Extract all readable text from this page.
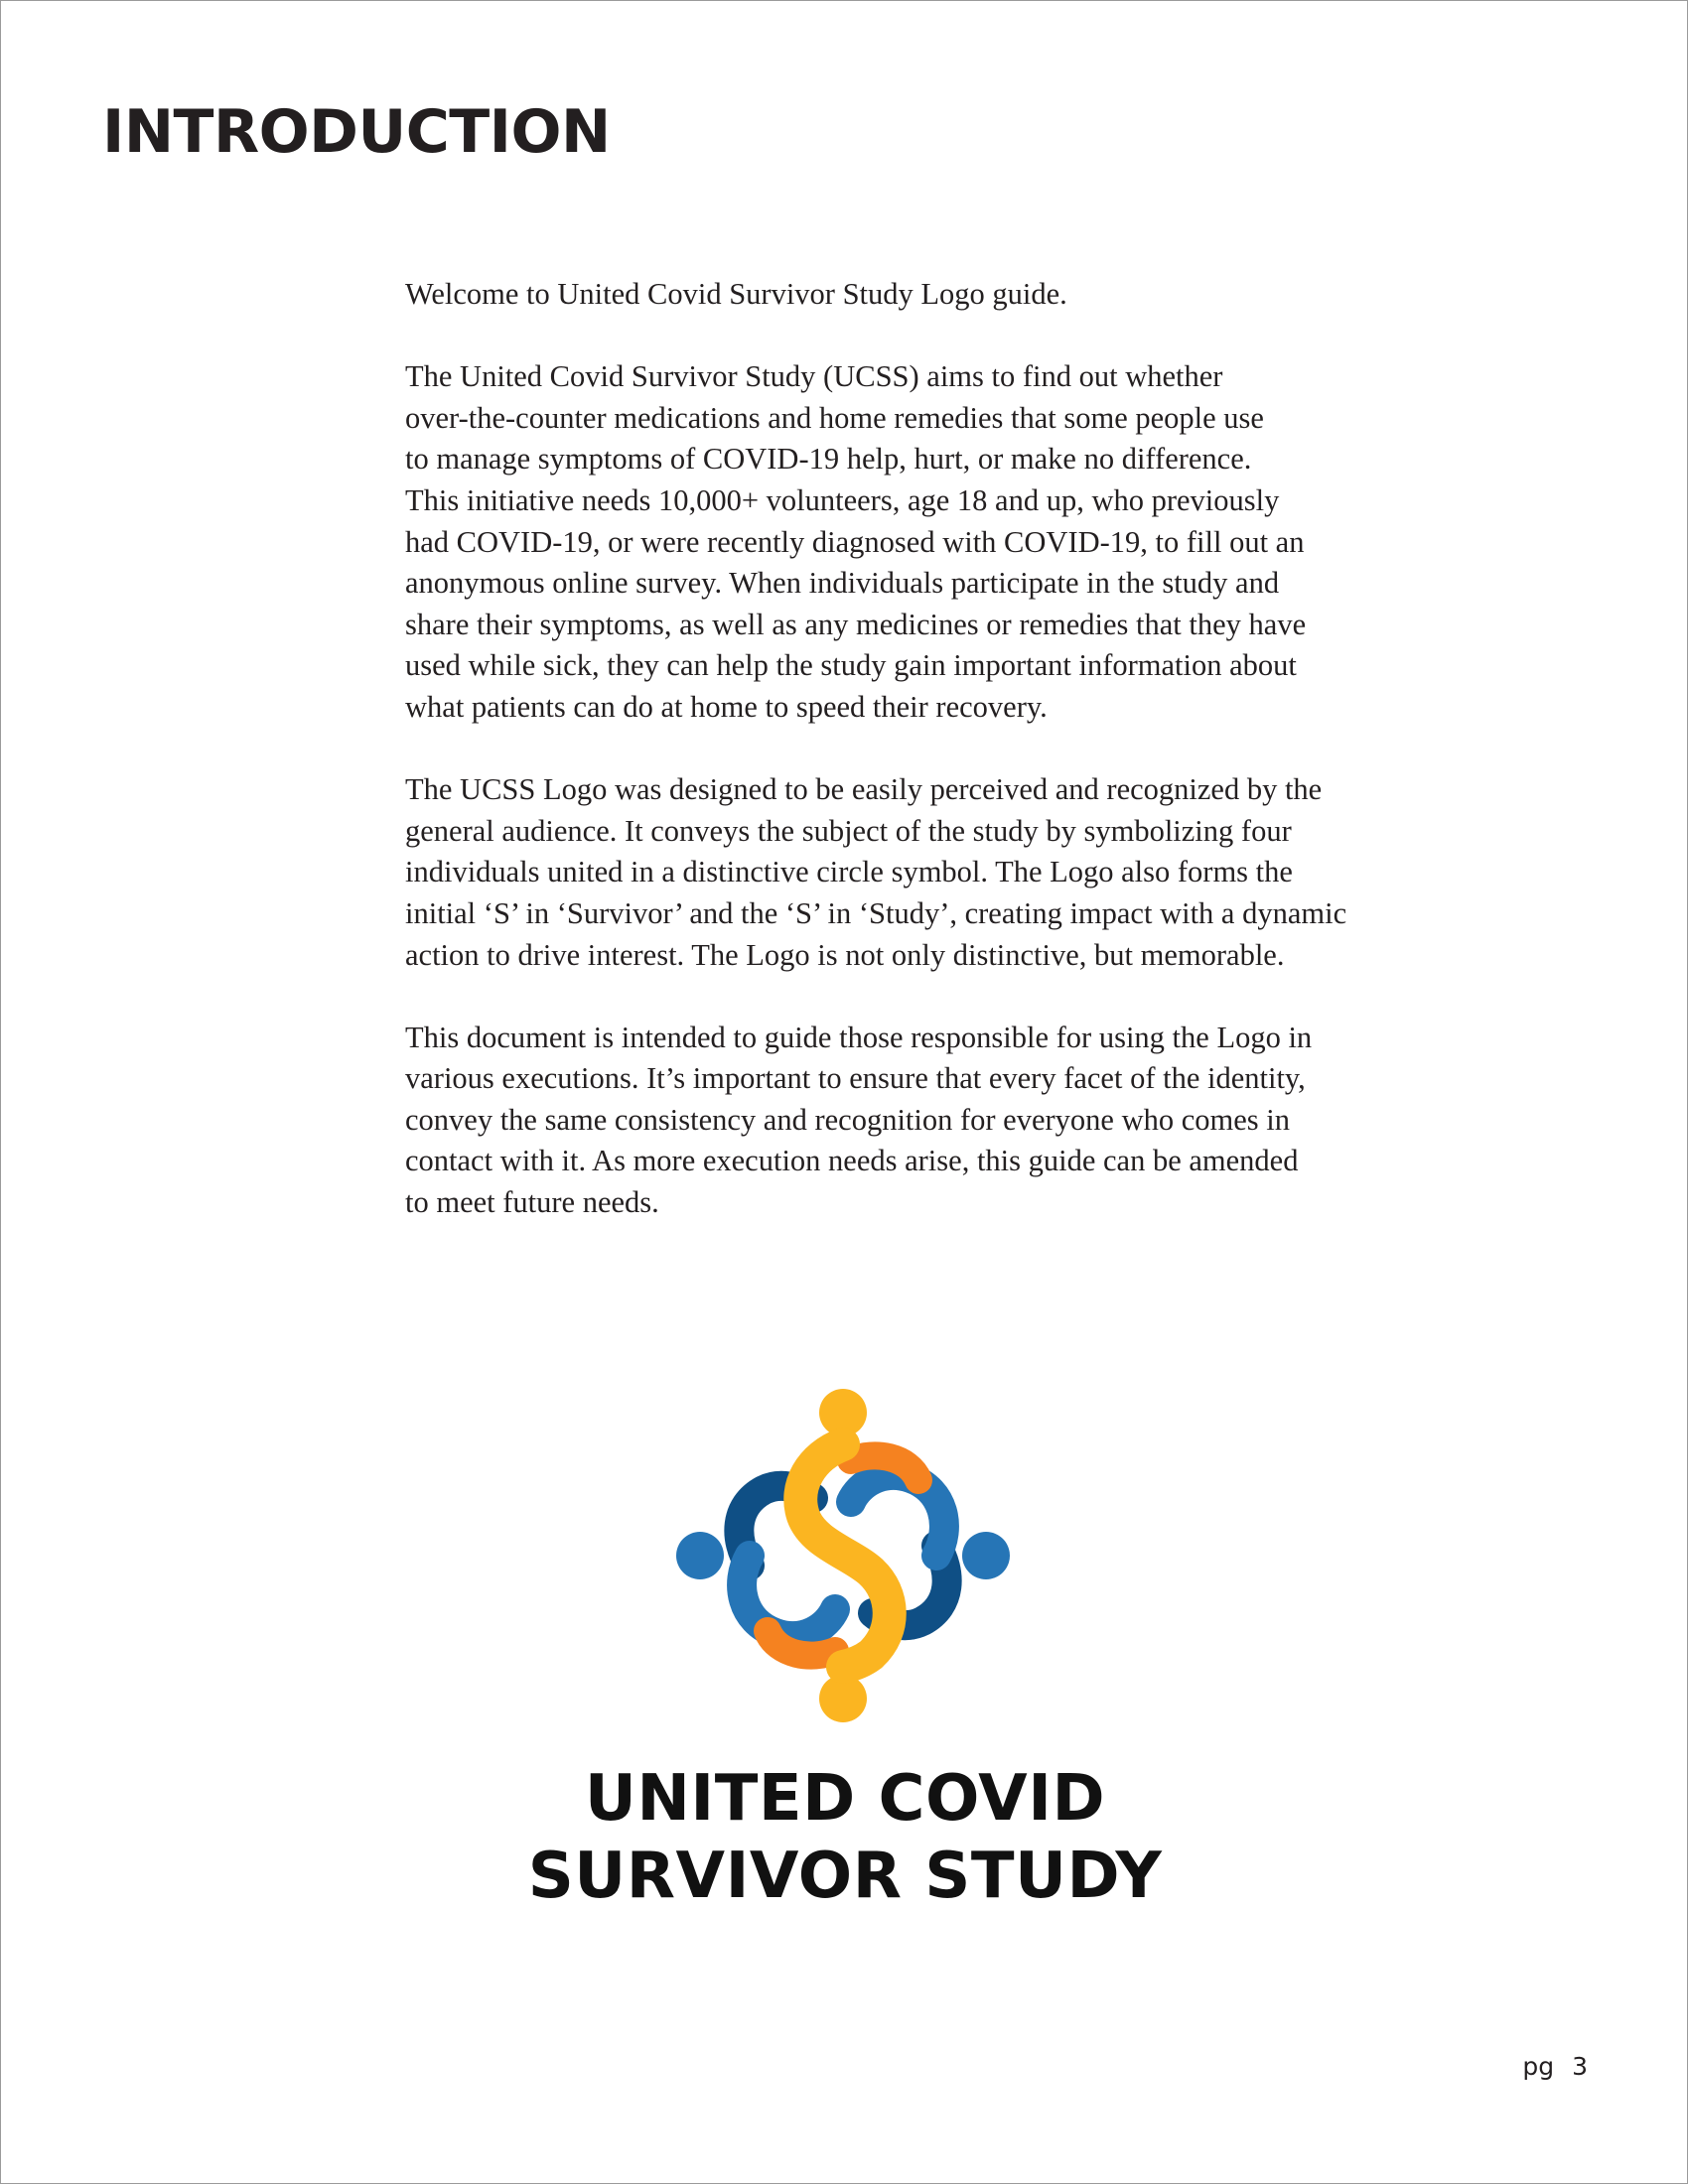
INTRODUCTION

Welcome to United Covid Survivor Study Logo guide.

The United Covid Survivor Study (UCSS) aims to find out whether
over-the-counter medications and home remedies that some people use
to manage symptoms of COVID-19 help, hurt, or make no difference.
This initiative needs 10,000+ volunteers, age 18 and up, who previously
had COVID-19, or were recently diagnosed with COVID-19, to fill out an
anonymous online survey. When individuals participate in the study and
share their symptoms, as well as any medicines or remedies that they have
used while sick, they can help the study gain important information about
what patients can do at home to speed their recovery.

The UCSS Logo was designed to be easily perceived and recognized by the
general audience. It conveys the subject of the study by symbolizing four
individuals united in a distinctive circle symbol. The Logo also forms the
initial ‘S’ in ‘Survivor’ and the ‘S’ in ‘Study’, creating impact with a dynamic
action to drive interest. The Logo is not only distinctive, but memorable.

This document is intended to guide those responsible for using the Logo in
various executions. It’s important to ensure that every facet of the identity,
convey the same consistency and recognition for everyone who comes in
contact with it. As more execution needs arise, this guide can be amended
to meet future needs.

UNITED COVID
SURVIVOR STUDY
pg 3
